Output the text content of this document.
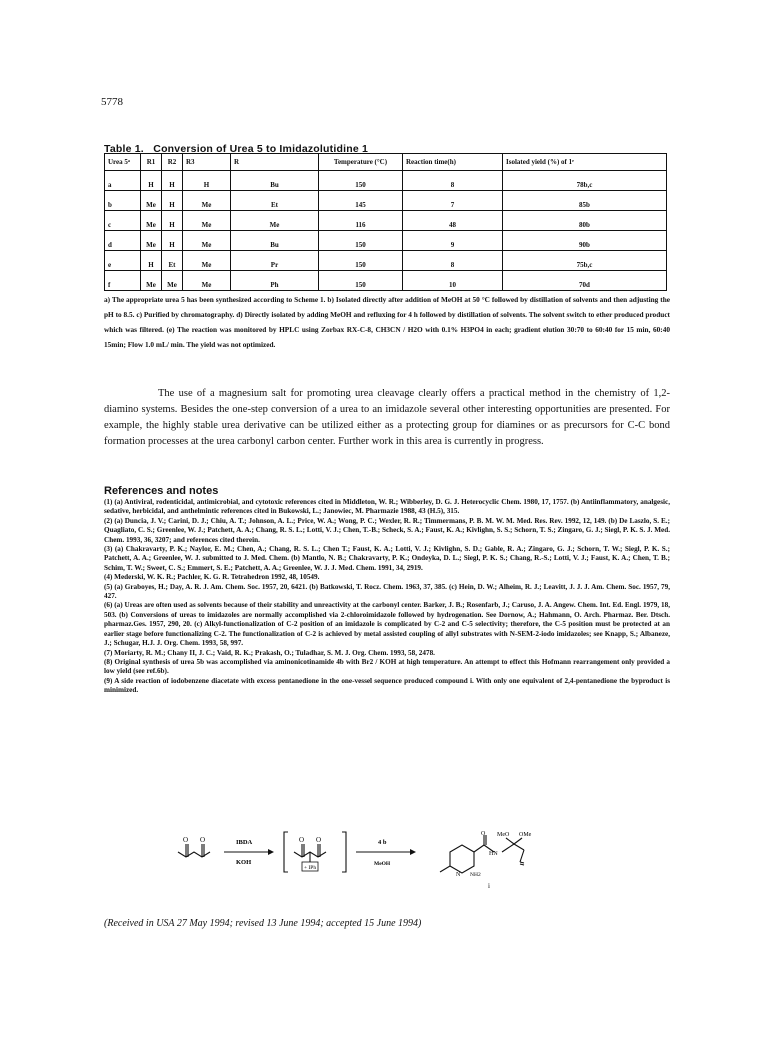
5778
Table 1. Conversion of Urea 5 to Imidazolutidine 1
Urea 5ᵃ	R1	R2	R3	R	Temperature (°C)	Reaction time(h)	Isolated yield (%) of 1ᵉ
a	H	H	H	Bu	150	8	78b,c
b	Me	H	Me	Et	145	7	85b
c	Me	H	Me	Me	116	48	80b
d	Me	H	Me	Bu	150	9	90b
e	H	Et	Me	Pr	150	8	75b,c
f	Me	Me	Me	Ph	150	10	70d
a) The appropriate urea 5 has been synthesized according to Scheme 1. b) Isolated directly after addition of MeOH at 50 °C followed by distillation of solvents and then adjusting the pH to 8.5. c) Purified by chromatography. d) Directly isolated by adding MeOH and refluxing for 4 h followed by distillation of solvents. The solvent switch to ether produced product which was filtered. (e) The reaction was monitored by HPLC using Zorbax RX-C-8, CH3CN / H2O with 0.1% H3PO4 in each; gradient elution 30:70 to 60:40 for 15 min, 60:40 15min; Flow 1.0 mL/ min. The yield was not optimized.
The use of a magnesium salt for promoting urea cleavage clearly offers a practical method in the chemistry of 1,2-diamino systems. Besides the one-step conversion of a urea to an imidazole several other interesting opportunities are presented. For example, the highly stable urea derivative can be utilized either as a protecting group for diamines or as precursors for C-C bond formation processes at the urea carbonyl carbon center. Further work in this area is currently in progress.
References and notes

(1) (a) Antiviral, rodenticidal, antimicrobial, and cytotoxic references cited in Middleton, W. R.; Wibberley, D. G. J. Heterocyclic Chem. 1980, 17, 1757. (b) Antiinflammatory, analgesic, sedative, herbicidal, and anthelmintic references cited in Bukowski, L.; Janowiec, M. Pharmazie 1988, 43 (H.5), 315.

(2) (a) Duncia, J. V.; Carini, D. J.; Chiu, A. T.; Johnson, A. L.; Price, W. A.; Wong, P. C.; Wexler, R. R.; Timmermans, P. B. M. W. M. Med. Res. Rev. 1992, 12, 149. (b) De Laszlo, S. E.; Quagliato, C. S.; Greenlee, W. J.; Patchett, A. A.; Chang, R. S. L.; Lotti, V. J.; Chen, T.-B.; Scheck, S. A.; Faust, K. A.; Kivlighn, S. S.; Schorn, T. S.; Zingaro, G. J.; Siegl, P. K. S. J. Med. Chem. 1993, 36, 3207; and references cited therein.

(3) (a) Chakravarty, P. K.; Naylor, E. M.; Chen, A.; Chang, R. S. L.; Chen T.; Faust, K. A.; Lotti, V. J.; Kivlighn, S. D.; Gable, R. A.; Zingaro, G. J.; Schorn, T. W.; Siegl, P. K. S.; Patchett, A. A.; Greenlee, W. J. submitted to J. Med. Chem. (b) Mantlo, N. B.; Chakravarty, P. K.; Ondeyka, D. L.; Siegl, P. K. S.; Chang, R.-S.; Lotti, V. J.; Faust, K. A.; Chen, T. B.; Schim, T. W.; Sweet, C. S.; Emmert, S. E.; Patchett, A. A.; Greenlee, W. J. J. Med. Chem. 1991, 34, 2919.

(4) Mederski, W. K. R.; Pachler, K. G. R. Tetrahedron 1992, 48, 10549.

(5) (a) Graboyes, H.; Day, A. R. J. Am. Chem. Soc. 1957, 20, 6421. (b) Batkowski, T. Rocz. Chem. 1963, 37, 385. (c) Hein, D. W.; Alheim, R. J.; Leavitt, J. J. J. Am. Chem. Soc. 1957, 79, 427.

(6) (a) Ureas are often used as solvents because of their stability and unreactivity at the carbonyl center. Barker, J. B.; Rosenfarb, J.; Caruso, J. A. Angew. Chem. Int. Ed. Engl. 1979, 18, 503. (b) Conversions of ureas to imidazoles are normally accomplished via 2-chloroimidazole followed by hydrogenation. See Dornow, A.; Hahmann, O. Arch. Pharmaz. Ber. Dtsch. pharmaz.Ges. 1957, 290, 20. (c) Alkyl-functionalization of C-2 position of an imidazole is complicated by C-2 and C-5 selectivity; therefore, the C-5 position must be protected at an earlier stage before functionalizing C-2. The functionalization of C-2 is achieved by metal assisted coupling of allyl substrates with N-SEM-2-iodo imidazoles; see Knapp, S.; Albaneze, J.; Schugar, H.J. J. Org. Chem. 1993, 58, 997.

(7) Moriarty, R. M.; Chany II, J. C.; Vaid, R. K.; Prakash, O.; Tuladhar, S. M. J. Org. Chem. 1993, 58, 2478.

(8) Original synthesis of urea 5b was accomplished via aminonicotinamide 4b with Br2 / KOH at high temperature. An attempt to effect this Hofmann rearrangement only provided a low yield (see ref.6b).

(9) A side reaction of iodobenzene diacetate with excess pentanedione in the one-vessel sequence produced compound i. With only one equivalent of 2,4-pentanedione the byproduct is minimized.

O O	IBDA
KOH
O O
+ IPh
4 b
MeOH
MeO OMe
O
HN
N NH2
i
(Received in USA 27 May 1994; revised 13 June 1994; accepted 15 June 1994)
